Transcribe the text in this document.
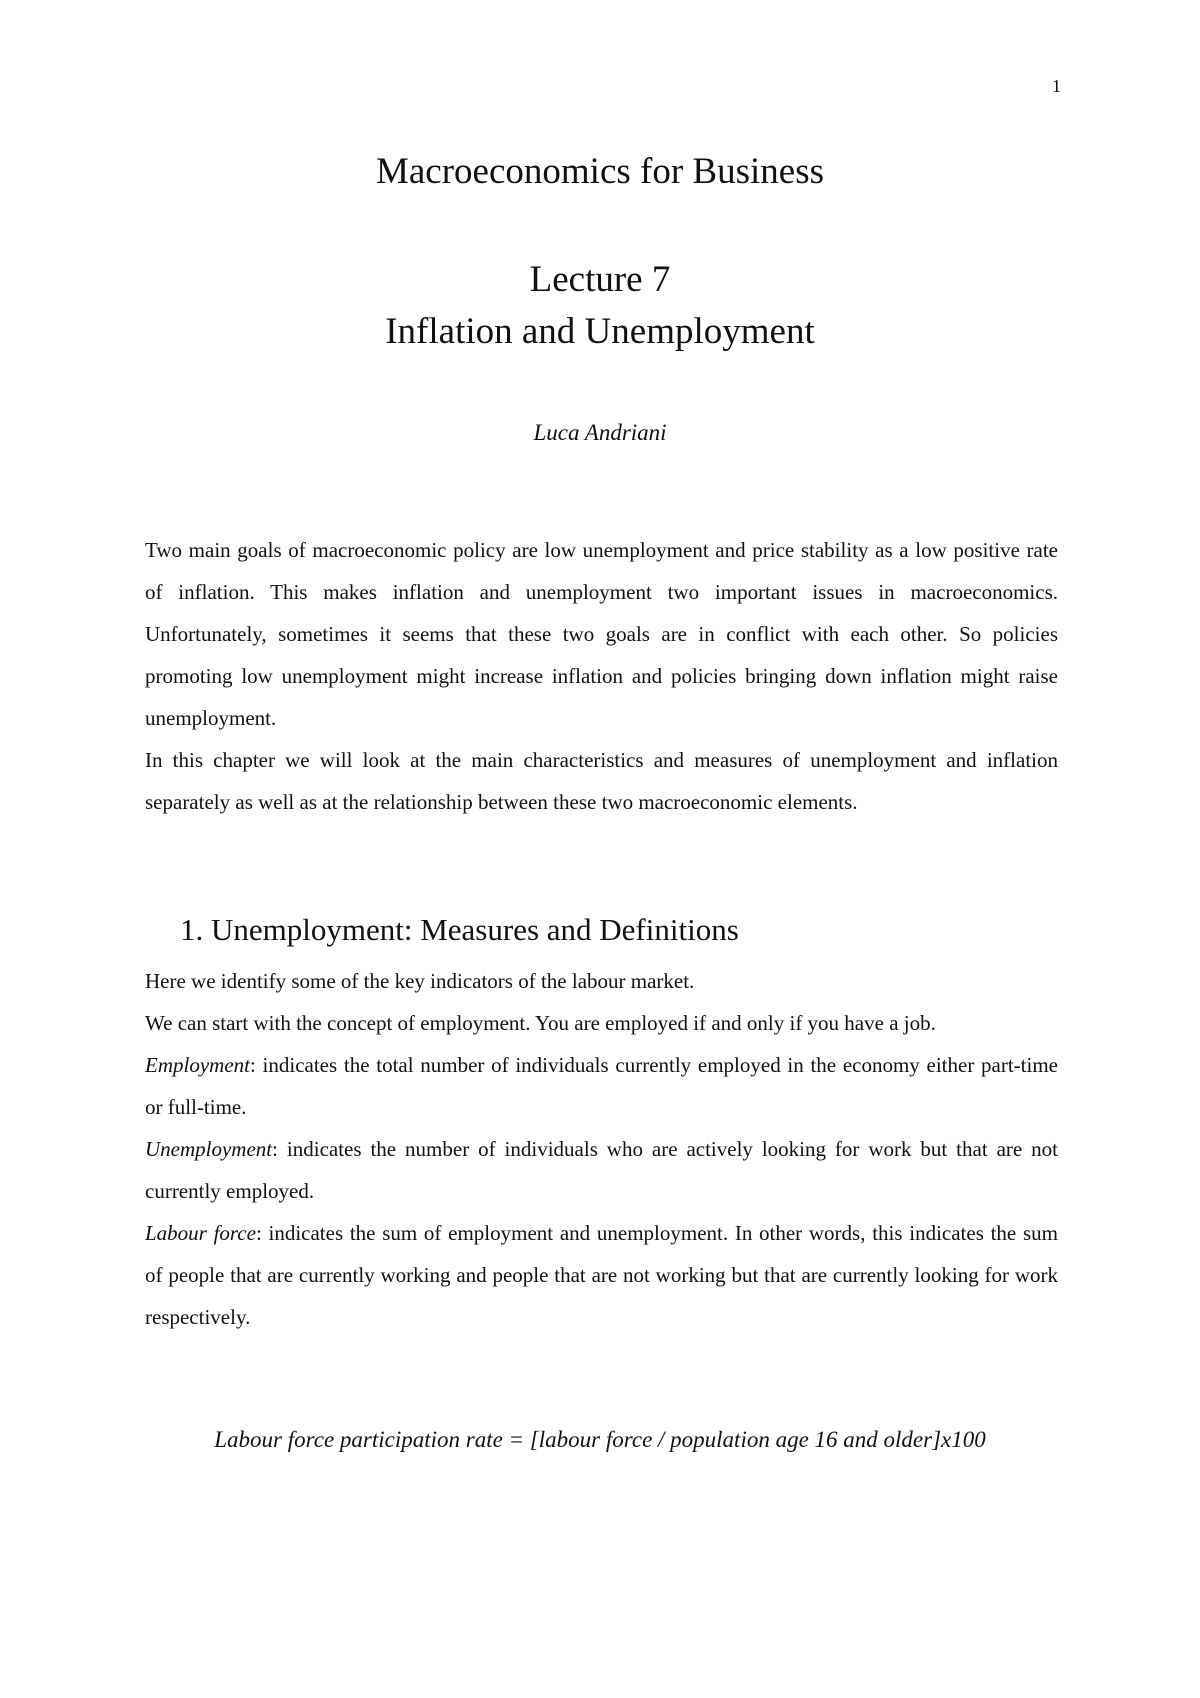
1
Macroeconomics for Business
Lecture 7
Inflation and Unemployment
Luca Andriani

Two main goals of macroeconomic policy are low unemployment and price stability as a low positive rate of inflation. This makes inflation and unemployment two important issues in macroeconomics. Unfortunately, sometimes it seems that these two goals are in conflict with each other. So policies promoting low unemployment might increase inflation and policies bringing down inflation might raise unemployment.

In this chapter we will look at the main characteristics and measures of unemployment and inflation separately as well as at the relationship between these two macroeconomic elements.

1. Unemployment: Measures and Definitions

Here we identify some of the key indicators of the labour market.

We can start with the concept of employment. You are employed if and only if you have a job.

Employment: indicates the total number of individuals currently employed in the economy either part-time or full-time.

Unemployment: indicates the number of individuals who are actively looking for work but that are not currently employed.

Labour force: indicates the sum of employment and unemployment. In other words, this indicates the sum of people that are currently working and people that are not working but that are currently looking for work respectively.

Labour force participation rate = [labour force / population age 16 and older]x100
